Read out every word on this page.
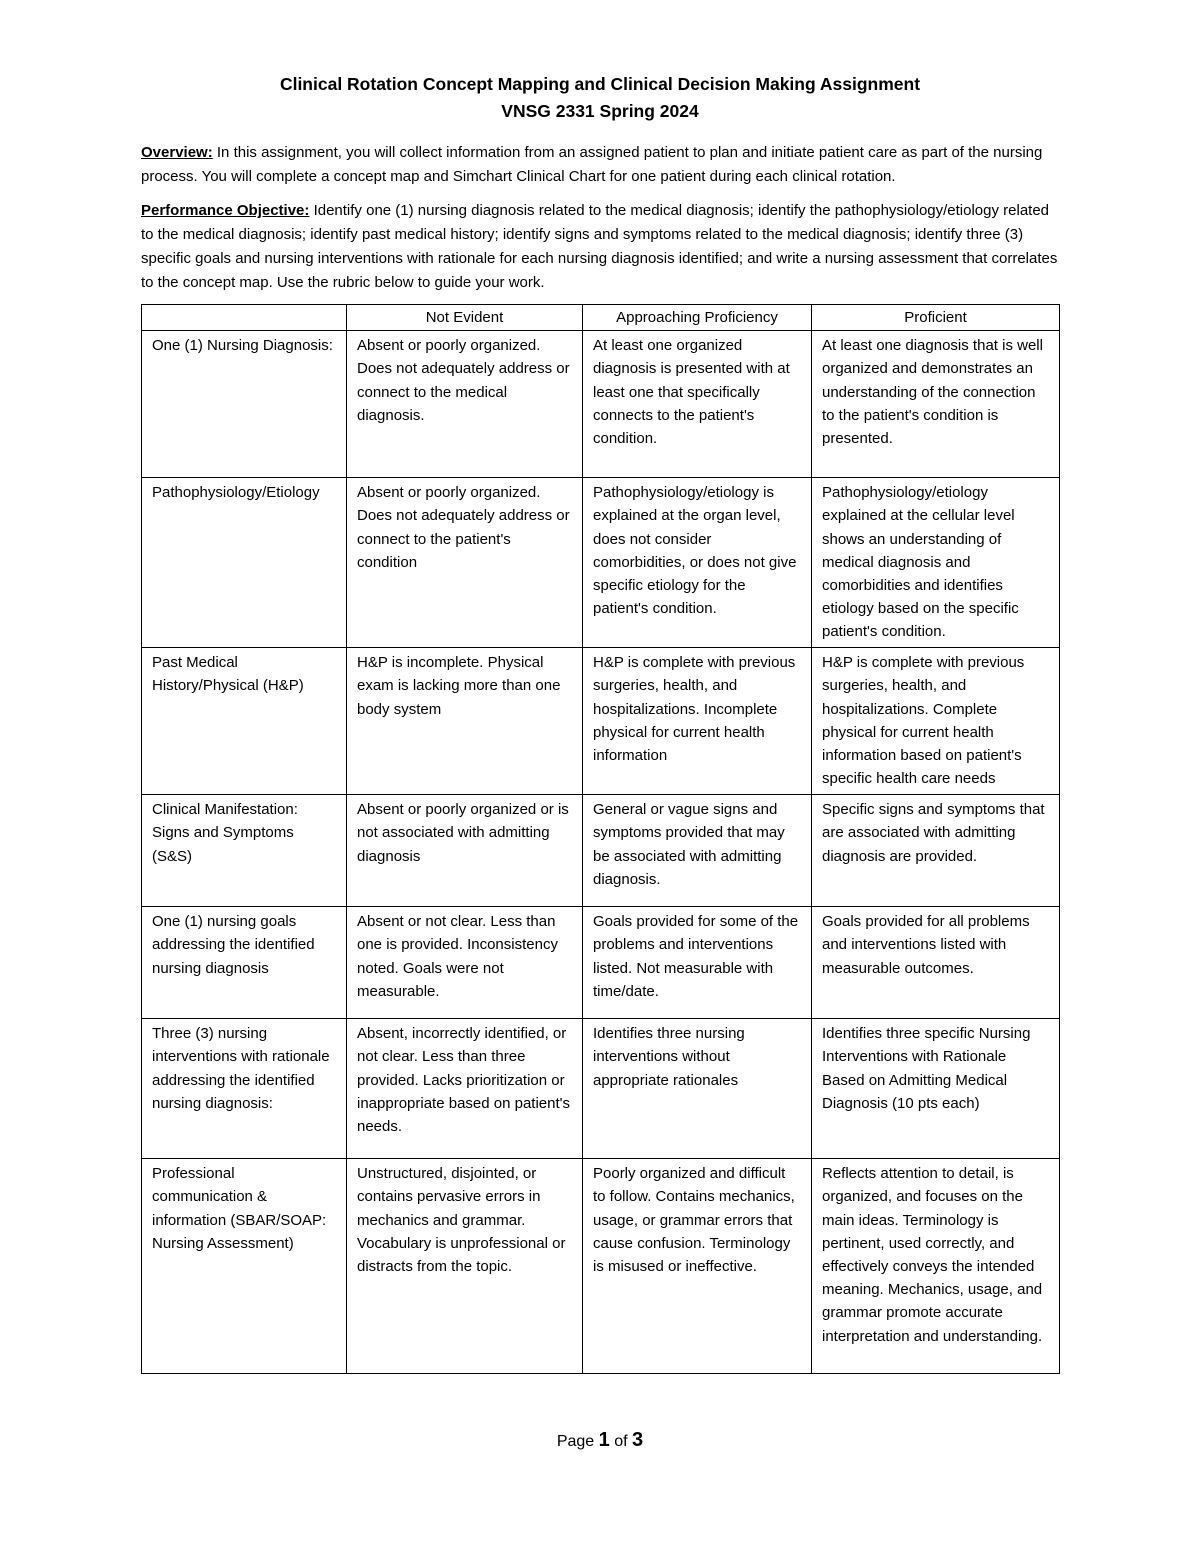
Clinical Rotation Concept Mapping and Clinical Decision Making Assignment
VNSG 2331 Spring 2024

Overview: In this assignment, you will collect information from an assigned patient to plan and initiate patient care as part of the nursing process. You will complete a concept map and Simchart Clinical Chart for one patient during each clinical rotation.

Performance Objective: Identify one (1) nursing diagnosis related to the medical diagnosis; identify the pathophysiology/etiology related to the medical diagnosis; identify past medical history; identify signs and symptoms related to the medical diagnosis; identify three (3) specific goals and nursing interventions with rationale for each nursing diagnosis identified; and write a nursing assessment that correlates to the concept map. Use the rubric below to guide your work.

	Not Evident	Approaching Proficiency	Proficient
One (1) Nursing Diagnosis:	Absent or poorly organized. Does not adequately address or connect to the medical diagnosis.	At least one organized diagnosis is presented with at least one that specifically connects to the patient's condition.	At least one diagnosis that is well organized and demonstrates an understanding of the connection to the patient's condition is presented.
Pathophysiology/Etiology	Absent or poorly organized. Does not adequately address or connect to the patient's condition	Pathophysiology/etiology is explained at the organ level, does not consider comorbidities, or does not give specific etiology for the patient's condition.	Pathophysiology/etiology explained at the cellular level shows an understanding of medical diagnosis and comorbidities and identifies etiology based on the specific patient's condition.
Past Medical History/Physical (H&P)	H&P is incomplete. Physical exam is lacking more than one body system	H&P is complete with previous surgeries, health, and hospitalizations. Incomplete physical for current health information	H&P is complete with previous surgeries, health, and hospitalizations. Complete physical for current health information based on patient's specific health care needs
Clinical Manifestation: Signs and Symptoms (S&S)	Absent or poorly organized or is not associated with admitting diagnosis	General or vague signs and symptoms provided that may be associated with admitting diagnosis.	Specific signs and symptoms that are associated with admitting diagnosis are provided.
One (1) nursing goals addressing the identified nursing diagnosis	Absent or not clear. Less than one is provided. Inconsistency noted. Goals were not measurable.	Goals provided for some of the problems and interventions listed. Not measurable with time/date.	Goals provided for all problems and interventions listed with measurable outcomes.
Three (3) nursing interventions with rationale addressing the identified nursing diagnosis:	Absent, incorrectly identified, or not clear. Less than three provided. Lacks prioritization or inappropriate based on patient's needs.	Identifies three nursing interventions without appropriate rationales	Identifies three specific Nursing Interventions with Rationale Based on Admitting Medical Diagnosis (10 pts each)
Professional communication & information (SBAR/SOAP: Nursing Assessment)	Unstructured, disjointed, or contains pervasive errors in mechanics and grammar. Vocabulary is unprofessional or distracts from the topic.	Poorly organized and difficult to follow. Contains mechanics, usage, or grammar errors that cause confusion. Terminology is misused or ineffective.	Reflects attention to detail, is organized, and focuses on the main ideas. Terminology is pertinent, used correctly, and effectively conveys the intended meaning. Mechanics, usage, and grammar promote accurate interpretation and understanding.
Page 1 of 3
